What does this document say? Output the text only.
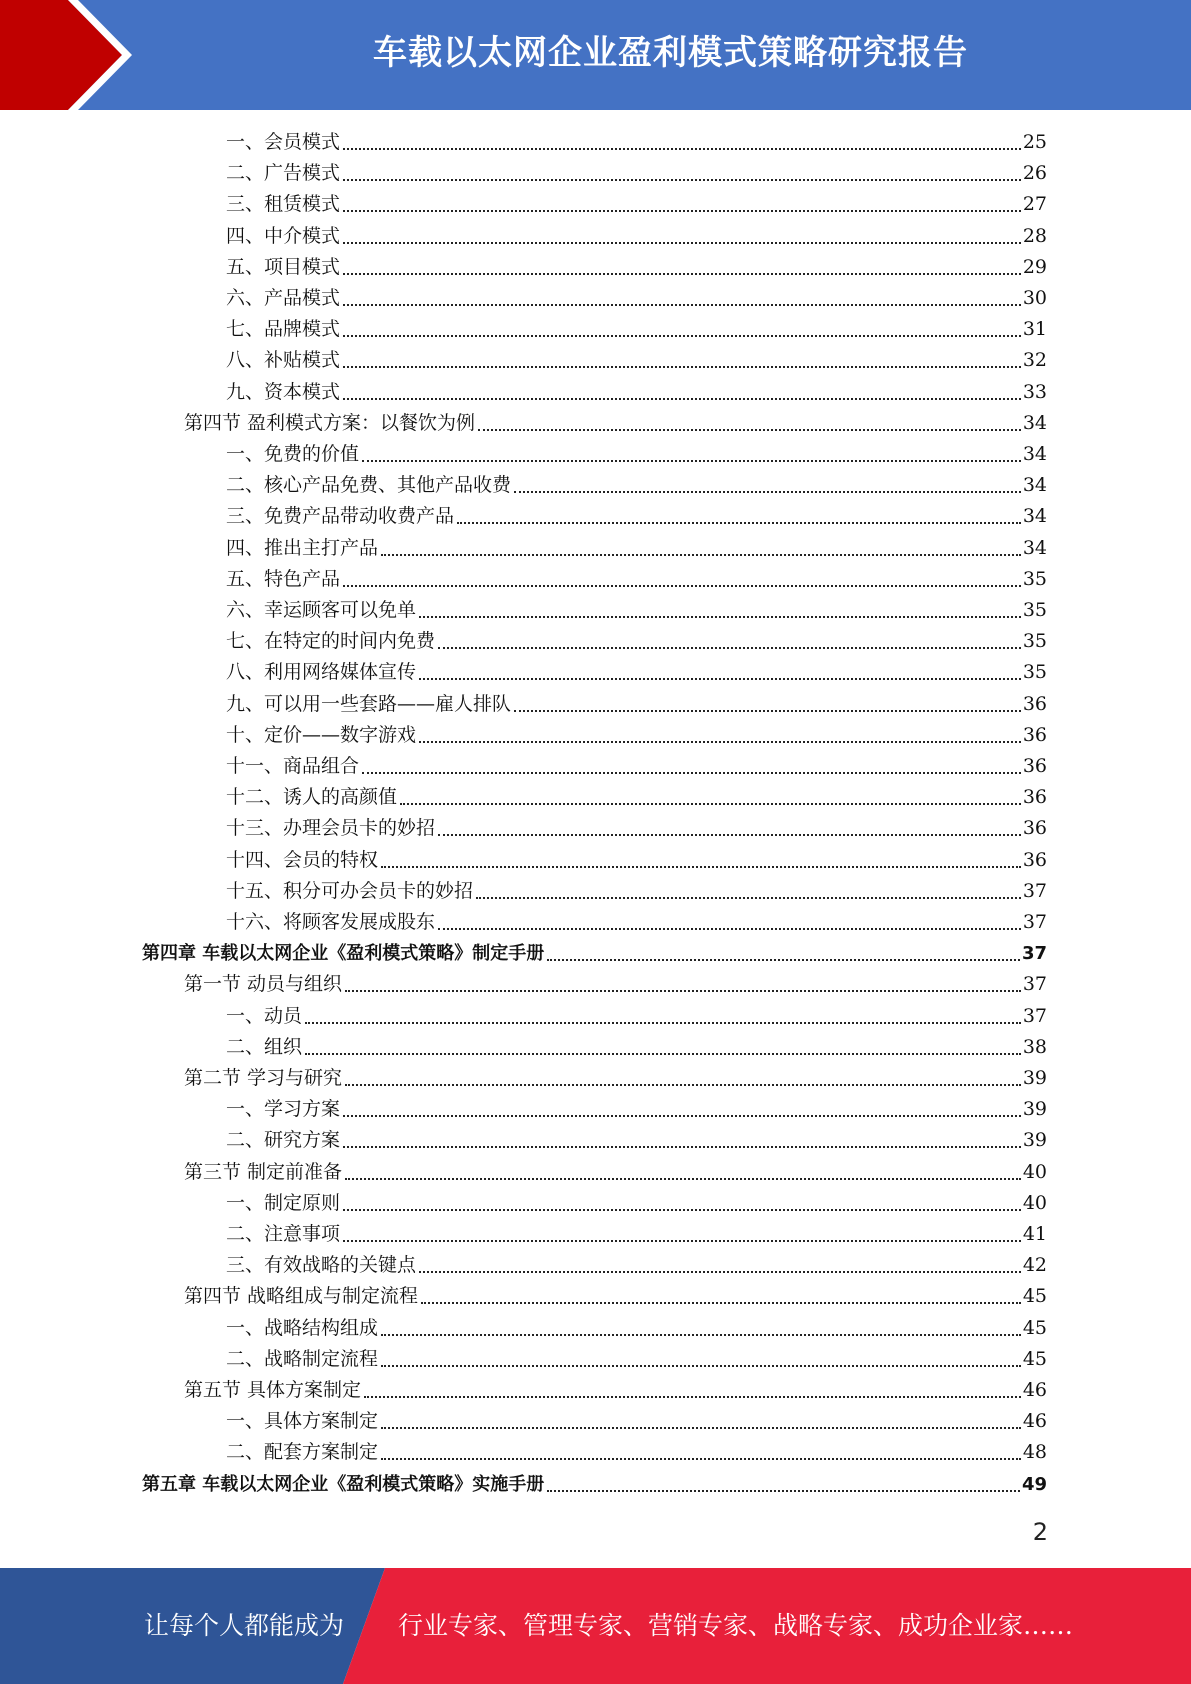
车载以太网企业盈利模式策略研究报告
一、会员模式	25
二、广告模式	26
三、租赁模式	27
四、中介模式	28
五、项目模式	29
六、产品模式	30
七、品牌模式	31
八、补贴模式	32
九、资本模式	33
第四节 盈利模式方案：以餐饮为例	34
一、免费的价值	34
二、核心产品免费、其他产品收费	34
三、免费产品带动收费产品	34
四、推出主打产品	34
五、特色产品	35
六、幸运顾客可以免单	35
七、在特定的时间内免费	35
八、利用网络媒体宣传	35
九、可以用一些套路——雇人排队	36
十、定价——数字游戏	36
十一、商品组合	36
十二、诱人的高颜值	36
十三、办理会员卡的妙招	36
十四、会员的特权	36
十五、积分可办会员卡的妙招	37
十六、将顾客发展成股东	37
第四章 车载以太网企业《盈利模式策略》制定手册	37
第一节 动员与组织	37
一、动员	37
二、组织	38
第二节 学习与研究	39
一、学习方案	39
二、研究方案	39
第三节 制定前准备	40
一、制定原则	40
二、注意事项	41
三、有效战略的关键点	42
第四节 战略组成与制定流程	45
一、战略结构组成	45
二、战略制定流程	45
第五节 具体方案制定	46
一、具体方案制定	46
二、配套方案制定	48
第五章 车载以太网企业《盈利模式策略》实施手册	49
2
让每个人都能成为 行业专家、管理专家、营销专家、战略专家、成功企业家……
